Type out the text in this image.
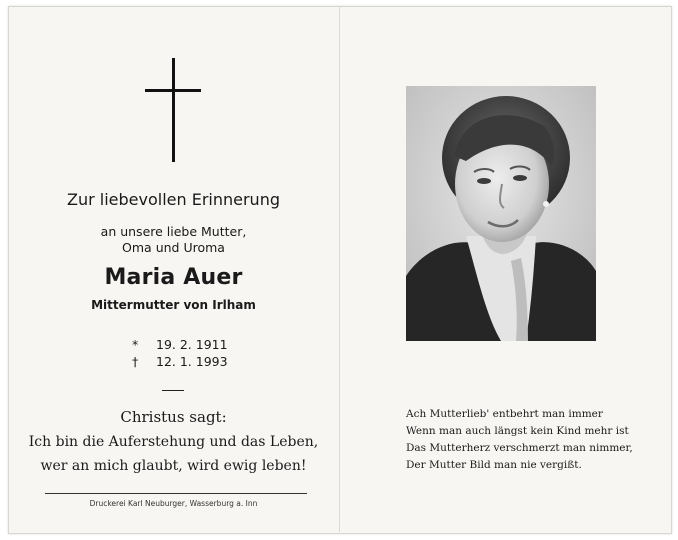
Zur liebevollen Erinnerung
an unsere liebe Mutter,
Oma und Uroma
Maria Auer
Mittermutter von Irlham
* 19. 2. 1911
† 12. 1. 1993
Christus sagt:
Ich bin die Auferstehung und das Leben,
wer an mich glaubt, wird ewig leben!
Druckerei Karl Neuburger, Wasserburg a. Inn
Ach Mutterlieb' entbehrt man immer
Wenn man auch längst kein Kind mehr ist
Das Mutterherz verschmerzt man nimmer,
Der Mutter Bild man nie vergißt.
